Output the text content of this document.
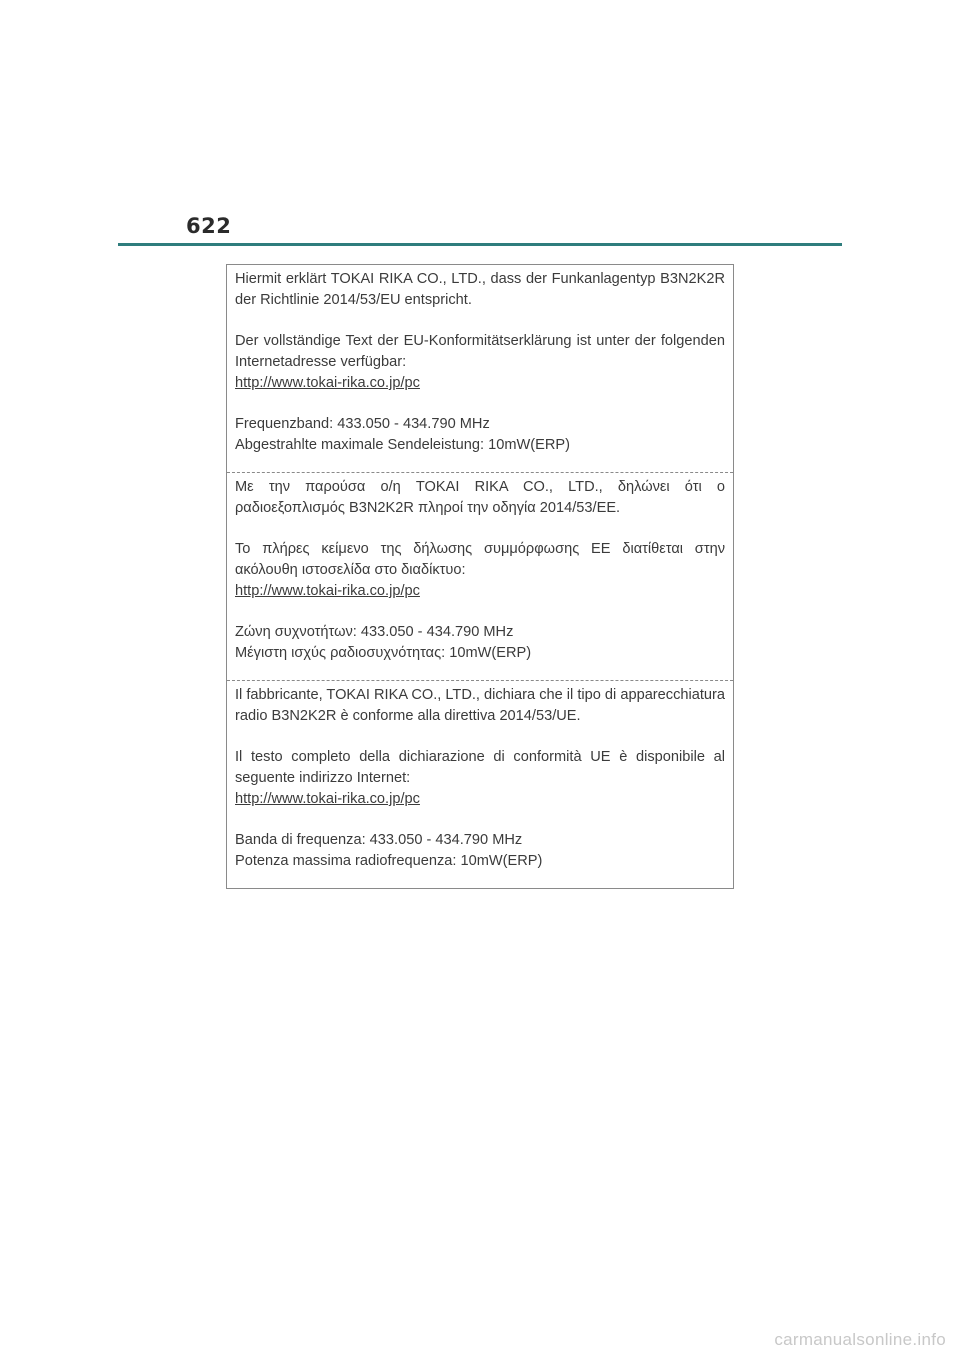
622

Hiermit erklärt TOKAI RIKA CO., LTD., dass der Funkanlagentyp B3N2K2R der Richtlinie 2014/53/EU entspricht.

Der vollständige Text der EU-Konformitätserklärung ist unter der folgenden Internetadresse verfügbar:

http://www.tokai-rika.co.jp/pc

Frequenzband: 433.050 - 434.790 MHz

Abgestrahlte maximale Sendeleistung: 10mW(ERP)

Με την παρούσα ο/η TOKAI RIKA CO., LTD., δηλώνει ότι ο ραδιοεξοπλισμός B3N2K2R πληροί την οδηγία 2014/53/ΕΕ.

Το πλήρες κείμενο της δήλωσης συμμόρφωσης ΕΕ διατίθεται στην ακόλουθη ιστοσελίδα στο διαδίκτυο:

http://www.tokai-rika.co.jp/pc

Ζώνη συχνοτήτων: 433.050 - 434.790 MHz

Μέγιστη ισχύς ραδιοσυχνότητας: 10mW(ERP)

Il fabbricante, TOKAI RIKA CO., LTD., dichiara che il tipo di apparecchiatura radio B3N2K2R è conforme alla direttiva 2014/53/UE.

Il testo completo della dichiarazione di conformità UE è disponibile al seguente indirizzo Internet:

http://www.tokai-rika.co.jp/pc

Banda di frequenza: 433.050 - 434.790 MHz

Potenza massima radiofrequenza: 10mW(ERP)

carmanualsonline.info
